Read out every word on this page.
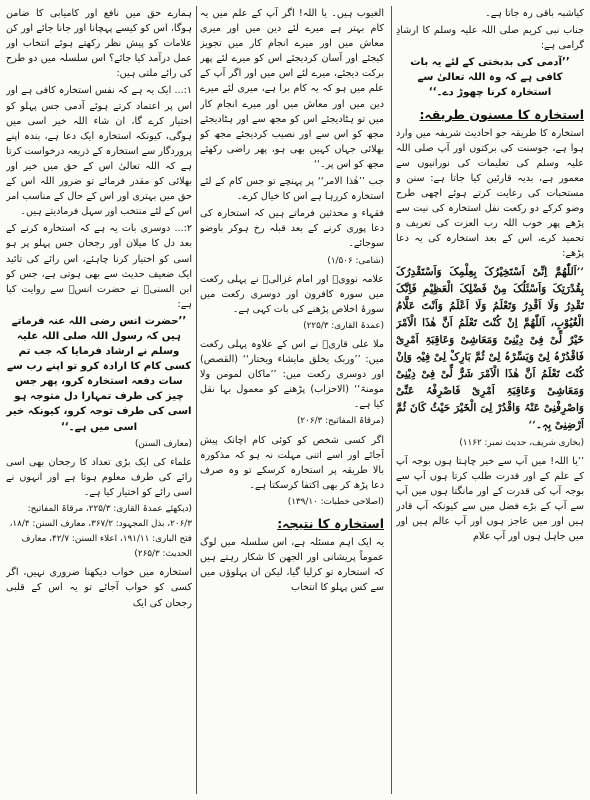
کیاشبہ باقی رہ جاتا ہے۔

جناب نبی کریم صلی اللہ علیہ وسلم کا ارشادِ گرامی ہے:

’’آدمی کی بدبختی کے لئے یہ بات کافی ہے کہ وہ اللہ تعالیٰ سے استخارہ کرنا چھوڑ دے۔‘‘

استخارہ کا مسنون طریقہ:

استخارہ کا طریقہ جو احادیث شریفہ میں وارد ہوا ہے، جوسنت کی برکتوں اور آپ صلی اللہ علیہ وسلم کی تعلیمات کی نورانیوں سے معمور ہے، بدیہ قارئین کیا جاتا ہے: سنن و مستحبات کی رعایت کرتے ہوئے اچھی طرح وضو کرکے دو رکعت نفل استخارہ کی نیت سے پڑھے پھر خوب اللہ رب العزت کی تعریف و تحمید کرے، اس کے بعد استخارہ کی یہ دعا پڑھے:

’’اَللّٰھُمَّ اِنِّیْ اَسْتَخِیْرُکَ بِعِلْمِکَ وَاَسْتَقْدِرُکَ بِقُدْرَتِکَ وَاَسْئَلُکَ مِنْ فَضْلِکَ الْعَظِیْمِ فَاِنَّکَ تَقْدِرُ وَلَا اَقْدِرُ وَتَعْلَمُ وَلَا اَعْلَمُ وَاَنْتَ عَلَّامُ الْغُیُوْبِ، اَللّٰھُمَّ اِنْ کُنْتَ تَعْلَمُ اَنَّ ھٰذَا الْاَمْرَ خَیْرٌ لِّیْ فِیْ دِیْنِیْ وَمَعَاشِیْ وَعَاقِبَۃِ اَمْرِیْ فَاقْدُرْہُ لِیْ وَیَسِّرْہُ لِیْ ثُمَّ بَارِکْ لِیْ فِیْہِ وَاِنْ کُنْتَ تَعْلَمُ اَنَّ ھٰذَا الْاَمْرَ شَرٌّ لِّیْ فِیْ دِیْنِیْ وَمَعَاشِیْ وَعَاقِبَۃِ اَمْرِیْ فَاصْرِفْہُ عَنِّیْ وَاصْرِفْنِیْ عَنْہُ وَاقْدُرْ لِیَ الْخَیْرَ حَیْثُ کَانَ ثُمَّ اَرْضِنِیْ بِہٖ۔‘‘

(بخاری شریف، حدیث نمبر: ۱۱۶۲)

’’یا اللہ! میں آپ سے خیر چاہتا ہوں بوجہ آپ کے علم کے اور قدرت طلب کرتا ہوں آپ سے بوجہ آپ کی قدرت کے اور مانگتا ہوں میں آپ سے آپ کے بڑے فضل میں سے کیونکہ آپ قادر ہیں اور میں عاجز ہوں اور آپ عالم ہیں اور میں جاہل ہوں اور آپ علام

الغیوب ہیں۔ یا اللہ! اگر آپ کے علم میں یہ کام بہتر ہے میرے لئے دین میں اور میری معاش میں اور میرے انجام کار میں تجویز کیجئے اور آسان کردیجئے اس کو میرے لئے پھر برکت دیجئے، میرے لئے اس میں اور اگر آپ کے علم میں ہو کہ یہ کام برا ہے، میری لئے میرے دین میں اور معاش میں اور میرے انجام کار میں تو ہٹادیجئے اس کو مجھ سے اور ہٹادیجئے مجھ کو اس سے اور نصیب کردیجئے مجھ کو بھلائی جہاں کہیں بھی ہو، پھر راضی رکھئے مجھ کو اس پر۔‘‘

جب ’’ھٰذا الامر‘‘ پر پہنچے تو جس کام کے لئے استخارہ کررہا ہے اس کا خیال کرے۔

فقہاء و محدثین فرماتے ہیں کہ استخارہ کی دعا پوری کرنے کے بعد قبلہ رخ ہوکر باوضو سوجائے۔

(شامی: ۱/۵۰۶)

علامہ نوویؒ اور امام غزالیؒ نے پہلی رکعت میں سورہ کافرون اور دوسری رکعت میں سورۂ اخلاص پڑھنے کی بات کہی ہے۔

(عمدۃ القاری: ۲۲۵/۳)

ملا علی قاریؒ نے اس کے علاوہ پہلی رکعت میں: ’’وربک یخلق مایشاء ویختار‘‘ (القصص) اور دوسری رکعت میں: ’’ماکان لمومن ولا مومنۃ‘‘ (الاحزاب) پڑھنے کو معمول بہا نقل کیا ہے۔

(مرقاۃ المفاتیح: ۲۰۶/۳)

اگر کسی شخص کو کوئی کام اچانک پیش آجائے اور اسے اتنی مہلت نہ ہو کہ مذکورہ بالا طریقہ پر استخارہ کرسکے تو وہ صرف دعا پڑھ کر بھی اکتفا کرسکتا ہے۔

(اصلاحی خطبات: ۱۳۹/۱۰)

استخارہ کا نتیجہ:

یہ ایک اہم مسئلہ ہے، اس سلسلہ میں لوگ عموماً پریشانی اور الجھن کا شکار رہتے ہیں کہ استخارہ تو کرلیا گیا، لیکن ان پہلوؤں میں سے کس پہلو کا انتخاب

ہمارے حق میں نافع اور کامیابی کا ضامن ہوگا، اس کو کیسے پہچانا اور جانا جائے اور کن علامات کو پیش نظر رکھتے ہوئے انتخاب اور عمل درآمد کیا جائے؟ اس سلسلہ میں دو طرح کی رائے ملتی ہیں:

۱:... ایک یہ ہے کہ نفس استخارہ کافی ہے اور اس پر اعتماد کرتے ہوئے آدمی جس پہلو کو اختیار کرے گا، ان شاء اللہ خیر اسی میں ہوگی، کیونکہ استخارہ ایک دعا ہے، بندہ اپنے پروردگار سے استخارہ کے ذریعہ درخواست کرتا ہے کہ اللہ تعالیٰ اس کے حق میں خیر اور بھلائی کو مقدر فرمائے تو ضرور اللہ اس کے حق میں بہتری اور اس کے حال کے مناسب امر اس کے لئے منتخب اور سہل فرمادیتے ہیں۔

۲:... دوسری بات یہ ہے کہ استخارہ کرنے کے بعد دل کا میلان اور رجحان جس پہلو پر ہو اسی کو اختیار کرنا چاہئے، اس رائے کی تائید ایک ضعیف حدیث سے بھی ہوتی ہے، جس کو ابن السنیؒ نے حضرت انسؓ سے روایت کیا ہے:

’’حضرت انس رضی اللہ عنہ فرماتے ہیں کہ رسول اللہ صلی اللہ علیہ وسلم نے ارشاد فرمایا کہ جب تم کسی کام کا ارادہ کرو تو اپنے رب سے سات دفعہ استخارہ کرو، پھر جس چیز کی طرف تمہارا دل متوجہ ہو اسی کی طرف توجہ کرو، کیونکہ خیر اسی میں ہے۔‘‘

(معارف السنن)

علماء کی ایک بڑی تعداد کا رجحان بھی اسی رائے کی طرف معلوم ہوتا ہے اور انہوں نے اسی رائے کو اختیار کیا ہے۔

(دیکھئے عمدۃ القاری: ۲۲۵/۳، مرقاۃ المفاتیح: ۲۰۶/۳، بذل المجہود: ۳۶۷/۲، معارف السنن: ۱۸/۴، فتح الباری: ۱۹۱/۱۱، اعلاء السنن: ۴۲/۷، معارف الحدیث: ۲۶۵/۳)

استخارہ میں خواب دیکھنا ضروری نہیں، اگر کسی کو خواب آجائے تو یہ اس کے قلبی رجحان کی ایک
